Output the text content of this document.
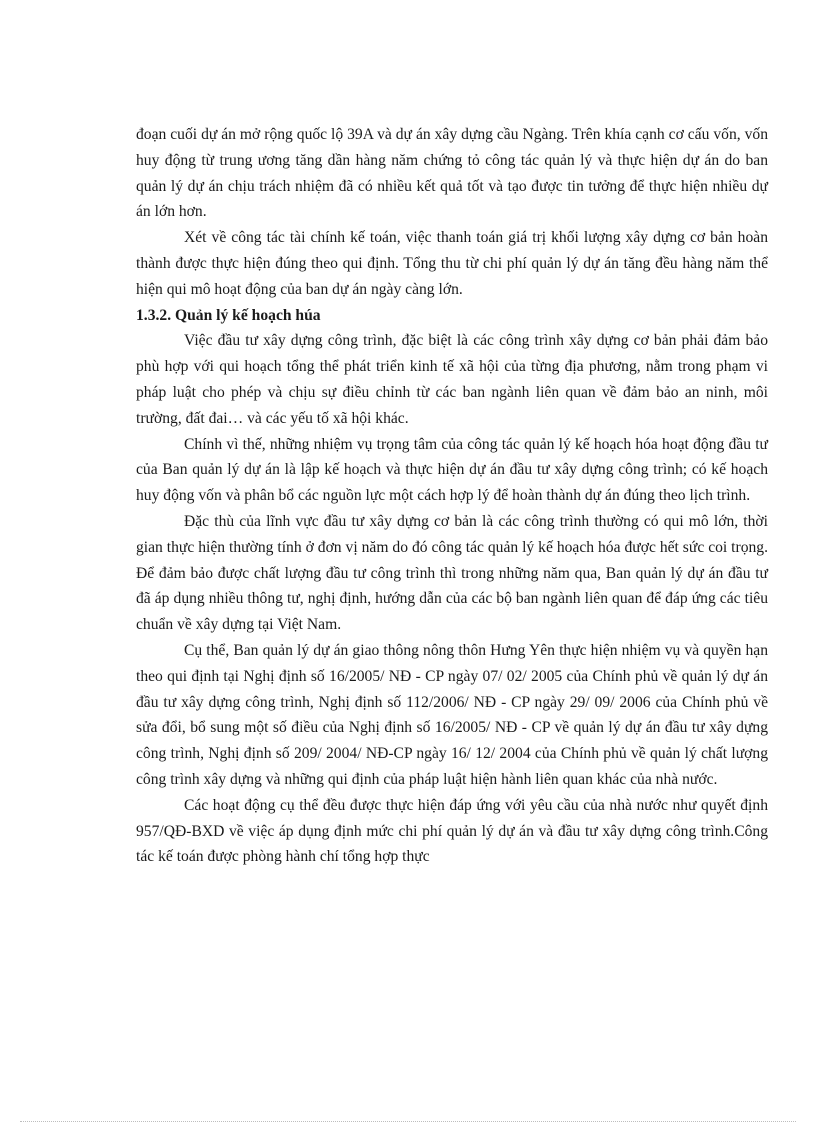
đoạn cuối dự án mở rộng quốc lộ 39A và dự án xây dựng cầu Ngàng. Trên khía cạnh cơ cấu vốn, vốn huy động từ trung ương tăng dần hàng năm chứng tỏ công tác quản lý và thực hiện dự án do ban quản lý dự án chịu trách nhiệm đã có nhiều kết quả tốt và tạo được tin tưởng để thực hiện nhiều dự án lớn hơn.

Xét về công tác tài chính kế toán, việc thanh toán giá trị khối lượng xây dựng cơ bản hoàn thành được thực hiện đúng theo qui định. Tổng thu từ chi phí quản lý dự án tăng đều hàng năm thể hiện qui mô hoạt động của ban dự án ngày càng lớn.

1.3.2. Quản lý kế hoạch húa

Việc đầu tư xây dựng công trình, đặc biệt là các công trình xây dựng cơ bản phải đảm bảo phù hợp với qui hoạch tổng thể phát triển kinh tế xã hội của từng địa phương, nằm trong phạm vi pháp luật cho phép và chịu sự điều chỉnh từ các ban ngành liên quan về đảm bảo an ninh, môi trường, đất đai… và các yếu tố xã hội khác.

Chính vì thế, những nhiệm vụ trọng tâm của công tác quản lý kế hoạch hóa hoạt động đầu tư của Ban quản lý dự án là lập kế hoạch và thực hiện dự án đầu tư xây dựng công trình; có kế hoạch huy động vốn và phân bổ các nguồn lực một cách hợp lý để hoàn thành dự án đúng theo lịch trình.

Đặc thù của lĩnh vực đầu tư xây dựng cơ bản là các công trình thường có qui mô lớn, thời gian thực hiện thường tính ở đơn vị năm do đó công tác quản lý kế hoạch hóa được hết sức coi trọng. Để đảm bảo được chất lượng đầu tư công trình thì trong những năm qua, Ban quản lý dự án đầu tư đã áp dụng nhiều thông tư, nghị định, hướng dẫn của các bộ ban ngành liên quan để đáp ứng các tiêu chuẩn về xây dựng tại Việt Nam.

Cụ thể, Ban quản lý dự án giao thông nông thôn Hưng Yên thực hiện nhiệm vụ và quyền hạn theo qui định tại Nghị định số 16/2005/ NĐ - CP ngày 07/ 02/ 2005 của Chính phủ về quản lý dự án đầu tư xây dựng công trình, Nghị định số 112/2006/ NĐ - CP ngày 29/ 09/ 2006 của Chính phủ về sửa đổi, bổ sung một số điều của Nghị định số 16/2005/ NĐ - CP về quản lý dự án đầu tư xây dựng công trình, Nghị định số 209/ 2004/ NĐ-CP ngày 16/ 12/ 2004 của Chính phủ về quản lý chất lượng công trình xây dựng và những qui định của pháp luật hiện hành liên quan khác của nhà nước.

Các hoạt động cụ thể đều được thực hiện đáp ứng với yêu cầu của nhà nước như quyết định 957/QĐ-BXD về việc áp dụng định mức chi phí quản lý dự án và đầu tư xây dựng công trình.Công tác kế toán được phòng hành chí tổng hợp thực
